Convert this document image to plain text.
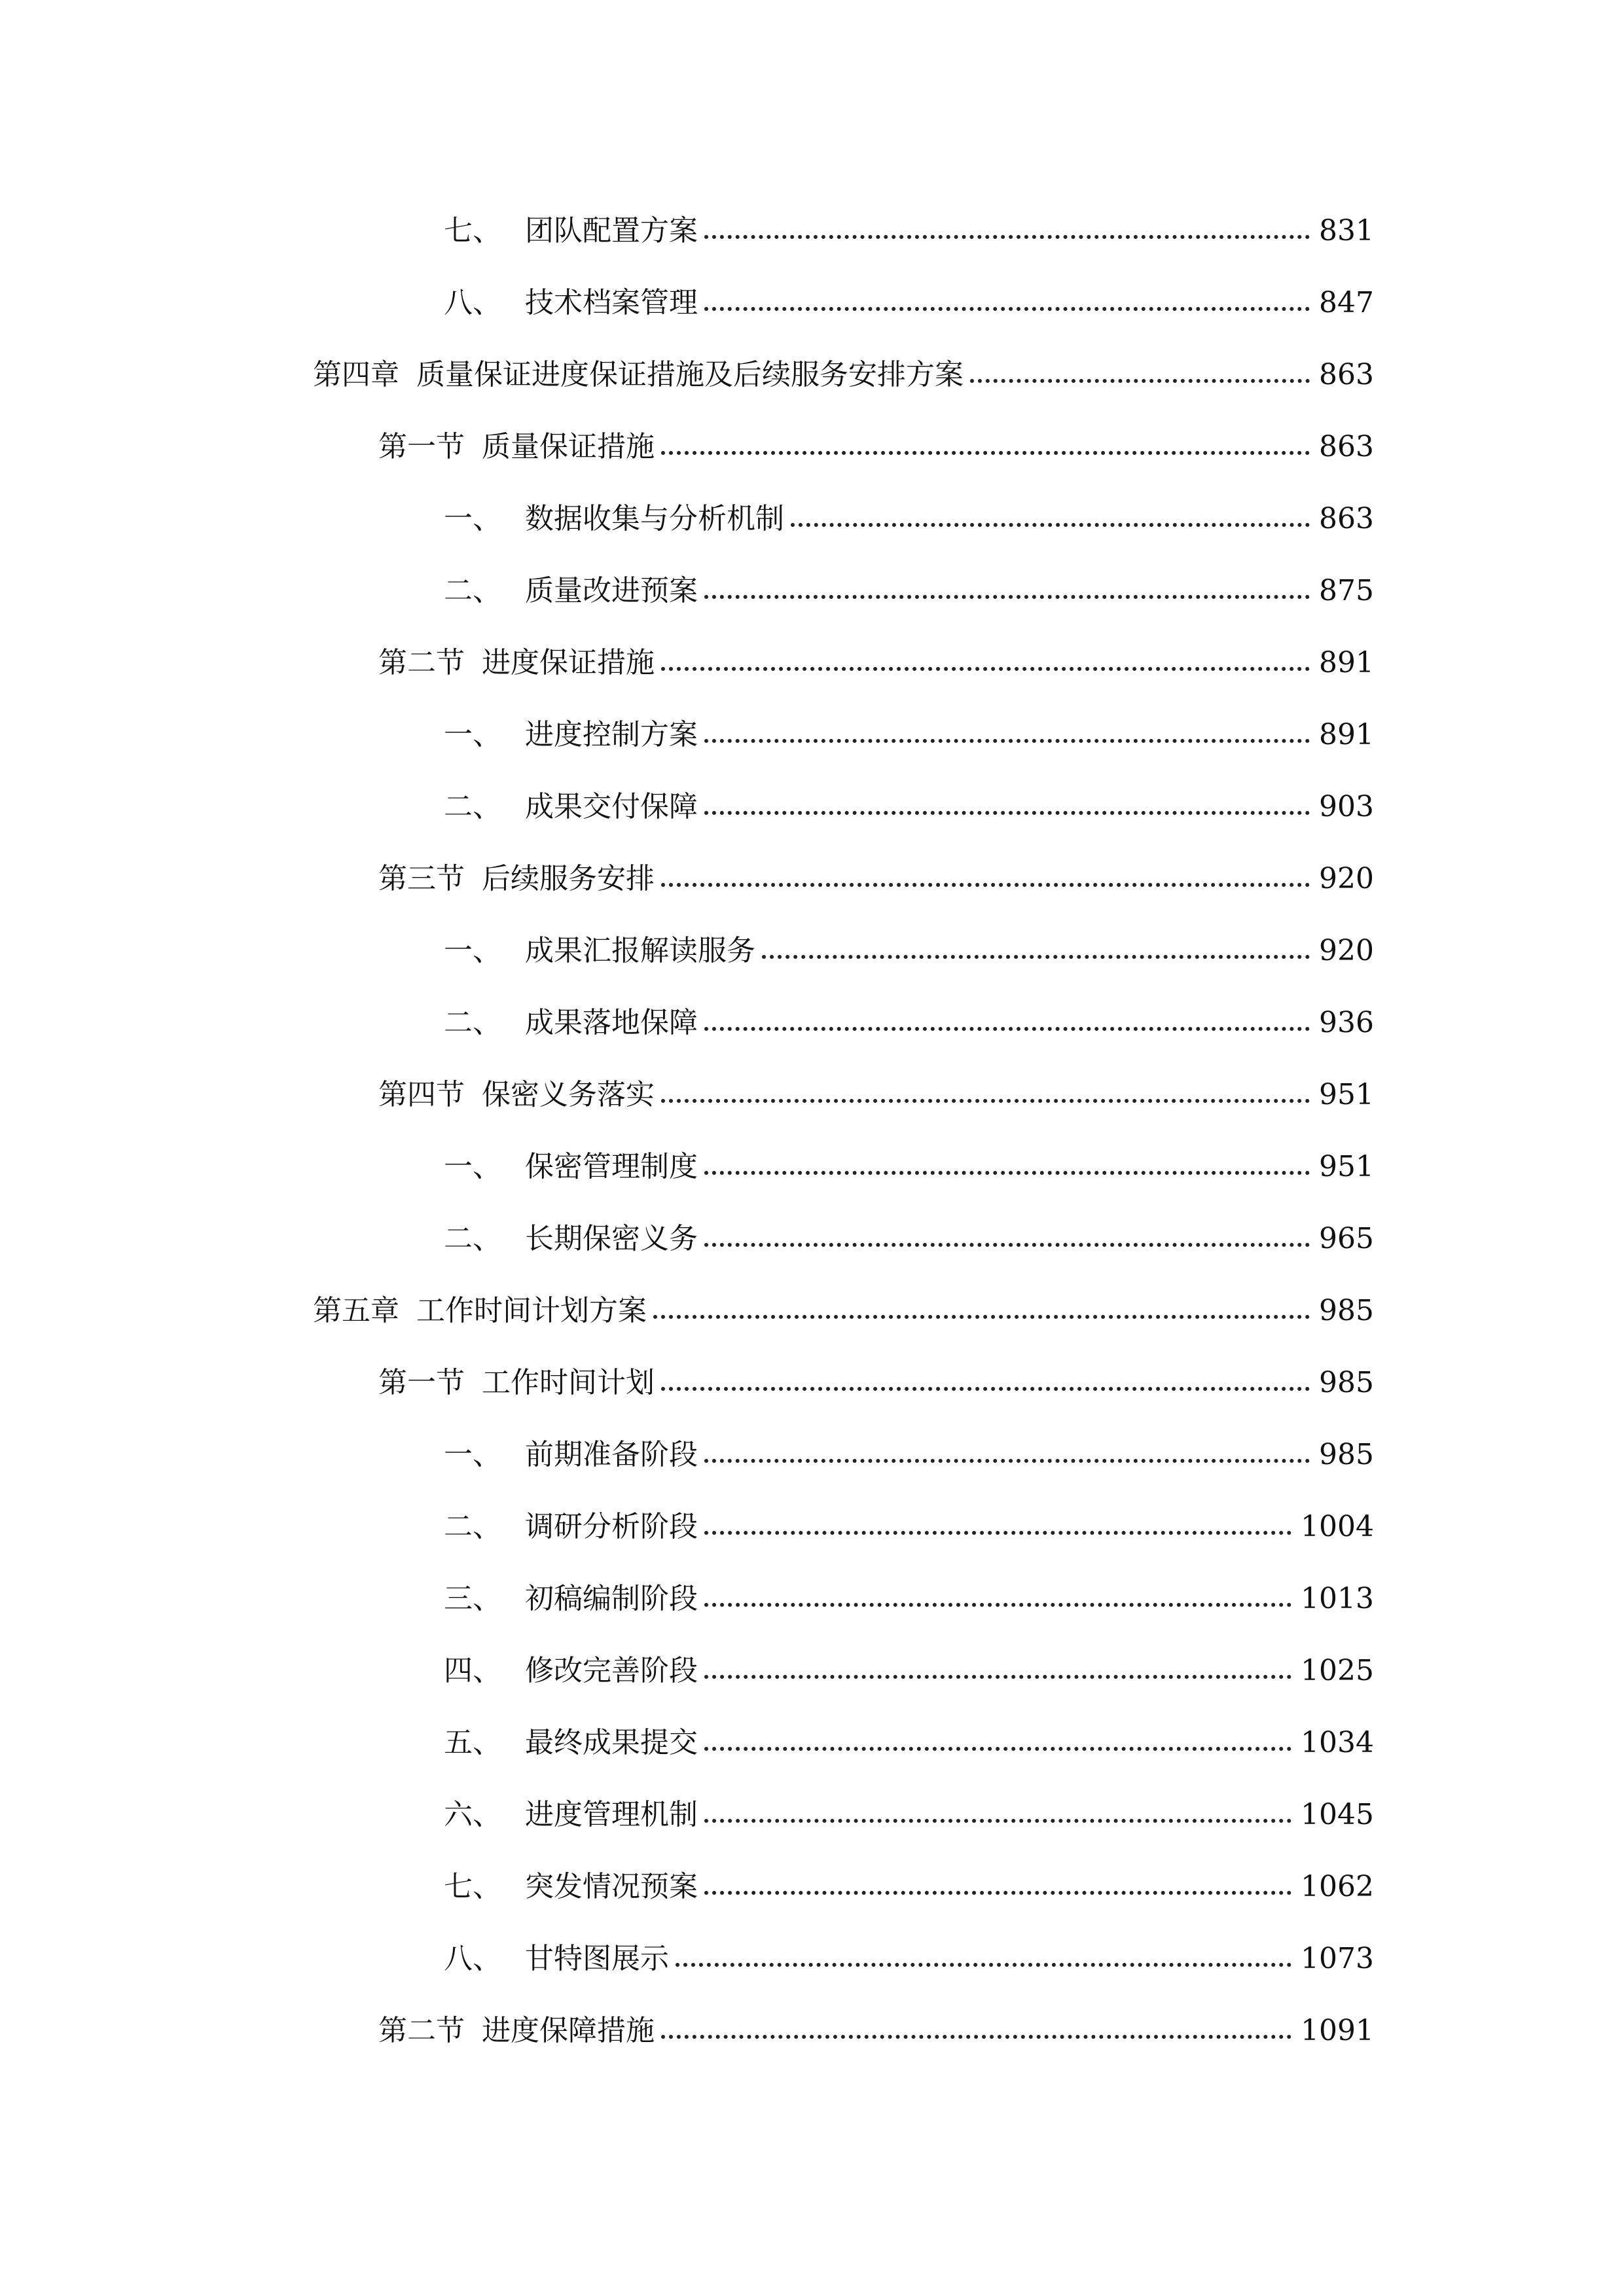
七、 团队配置方案	831
八、 技术档案管理	847
第四章 质量保证进度保证措施及后续服务安排方案	863
第一节 质量保证措施	863
一、 数据收集与分析机制	863
二、 质量改进预案	875
第二节 进度保证措施	891
一、 进度控制方案	891
二、 成果交付保障	903
第三节 后续服务安排	920
一、 成果汇报解读服务	920
二、 成果落地保障	936
第四节 保密义务落实	951
一、 保密管理制度	951
二、 长期保密义务	965
第五章 工作时间计划方案	985
第一节 工作时间计划	985
一、 前期准备阶段	985
二、 调研分析阶段	1004
三、 初稿编制阶段	1013
四、 修改完善阶段	1025
五、 最终成果提交	1034
六、 进度管理机制	1045
七、 突发情况预案	1062
八、 甘特图展示	1073
第二节 进度保障措施	1091
